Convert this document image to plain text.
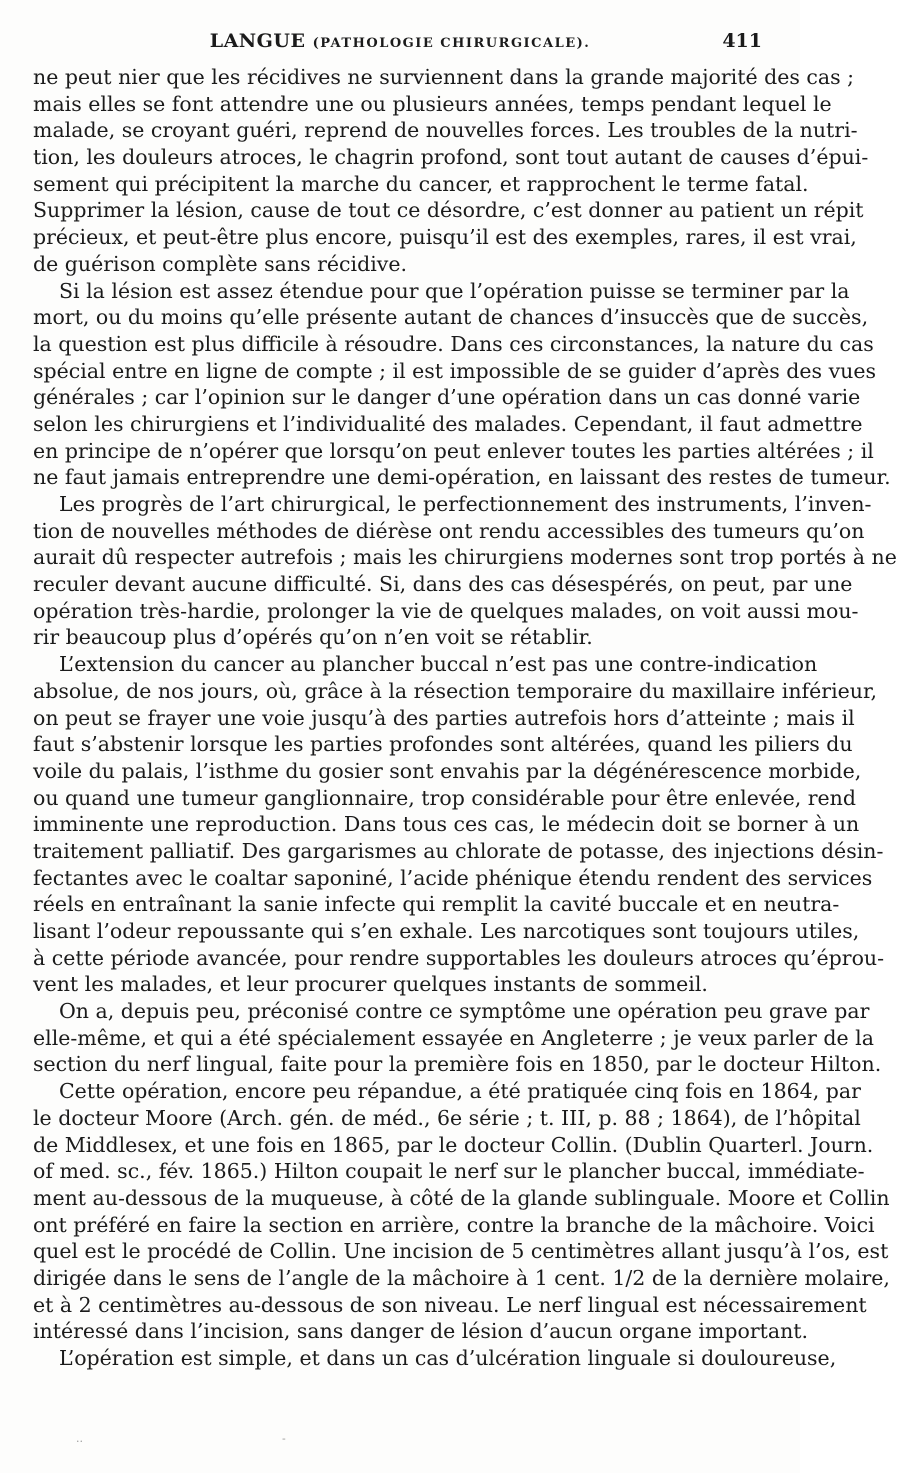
LANGUE (PATHOLOGIE CHIRURGICALE).	411
ne peut nier que les récidives ne surviennent dans la grande majorité des cas ;
mais elles se font attendre une ou plusieurs années, temps pendant lequel le
malade, se croyant guéri, reprend de nouvelles forces. Les troubles de la nutri-
tion, les douleurs atroces, le chagrin profond, sont tout autant de causes d’épui-
sement qui précipitent la marche du cancer, et rapprochent le terme fatal.
Supprimer la lésion, cause de tout ce désordre, c’est donner au patient un répit
précieux, et peut-être plus encore, puisqu’il est des exemples, rares, il est vrai,
de guérison complète sans récidive.
Si la lésion est assez étendue pour que l’opération puisse se terminer par la
mort, ou du moins qu’elle présente autant de chances d’insuccès que de succès,
la question est plus difficile à résoudre. Dans ces circonstances, la nature du cas
spécial entre en ligne de compte ; il est impossible de se guider d’après des vues
générales ; car l’opinion sur le danger d’une opération dans un cas donné varie
selon les chirurgiens et l’individualité des malades. Cependant, il faut admettre
en principe de n’opérer que lorsqu’on peut enlever toutes les parties altérées ; il
ne faut jamais entreprendre une demi-opération, en laissant des restes de tumeur.
Les progrès de l’art chirurgical, le perfectionnement des instruments, l’inven-
tion de nouvelles méthodes de diérèse ont rendu accessibles des tumeurs qu’on
aurait dû respecter autrefois ; mais les chirurgiens modernes sont trop portés à ne
reculer devant aucune difficulté. Si, dans des cas désespérés, on peut, par une
opération très-hardie, prolonger la vie de quelques malades, on voit aussi mou-
rir beaucoup plus d’opérés qu’on n’en voit se rétablir.
L’extension du cancer au plancher buccal n’est pas une contre-indication
absolue, de nos jours, où, grâce à la résection temporaire du maxillaire inférieur,
on peut se frayer une voie jusqu’à des parties autrefois hors d’atteinte ; mais il
faut s’abstenir lorsque les parties profondes sont altérées, quand les piliers du
voile du palais, l’isthme du gosier sont envahis par la dégénérescence morbide,
ou quand une tumeur ganglionnaire, trop considérable pour être enlevée, rend
imminente une reproduction. Dans tous ces cas, le médecin doit se borner à un
traitement palliatif. Des gargarismes au chlorate de potasse, des injections désin-
fectantes avec le coaltar saponiné, l’acide phénique étendu rendent des services
réels en entraînant la sanie infecte qui remplit la cavité buccale et en neutra-
lisant l’odeur repoussante qui s’en exhale. Les narcotiques sont toujours utiles,
à cette période avancée, pour rendre supportables les douleurs atroces qu’éprou-
vent les malades, et leur procurer quelques instants de sommeil.
On a, depuis peu, préconisé contre ce symptôme une opération peu grave par
elle-même, et qui a été spécialement essayée en Angleterre ; je veux parler de la
section du nerf lingual, faite pour la première fois en 1850, par le docteur Hilton.
Cette opération, encore peu répandue, a été pratiquée cinq fois en 1864, par
le docteur Moore (Arch. gén. de méd., 6e série ; t. III, p. 88 ; 1864), de l’hôpital
de Middlesex, et une fois en 1865, par le docteur Collin. (Dublin Quarterl. Journ.
of med. sc., fév. 1865.) Hilton coupait le nerf sur le plancher buccal, immédiate-
ment au-dessous de la muqueuse, à côté de la glande sublinguale. Moore et Collin
ont préféré en faire la section en arrière, contre la branche de la mâchoire. Voici
quel est le procédé de Collin. Une incision de 5 centimètres allant jusqu’à l’os, est
dirigée dans le sens de l’angle de la mâchoire à 1 cent. 1/2 de la dernière molaire,
et à 2 centimètres au-dessous de son niveau. Le nerf lingual est nécessairement
intéressé dans l’incision, sans danger de lésion d’aucun organe important.
L’opération est simple, et dans un cas d’ulcération linguale si douloureuse,
..	-
